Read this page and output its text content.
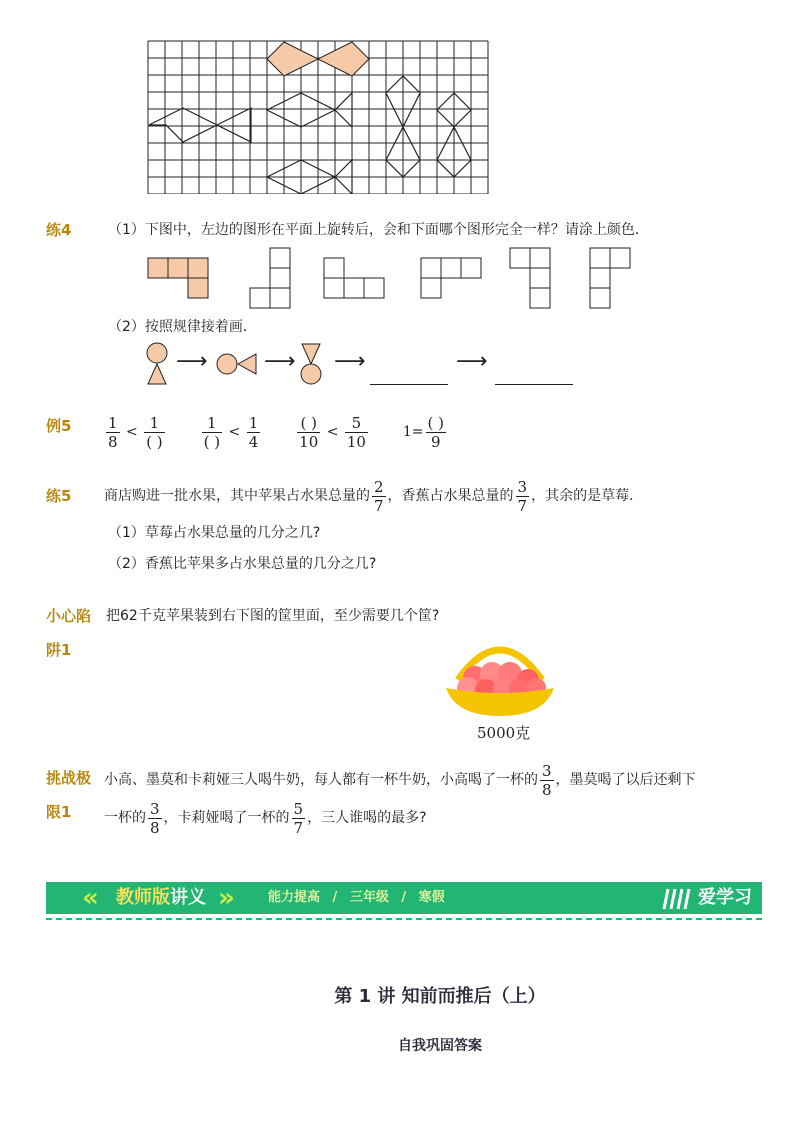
练4	（1）下图中，左边的图形在平面上旋转后，会和下面哪个图形完全一样？请涂上颜色．
（2）按照规律接着画．
⟶	⟶ ⟶	⟶
例$5 \frac{1}{8} < \frac{1}{( )}$
$\frac{1}{( )} < \frac{1}{4}$
$\frac{( )}{10} < \frac{5}{10} 1= \frac{( )}{9}$
练5 商店购进一批水果，其中苹果占水果总量的 $\frac{2}{7}$ ，香蕉占水果总量的 $\frac{3}{7}$ ，其余的是草莓．
（1）草莓占水果总量的几分之几?
（2）香蕉比苹果多占水果总量的几分之几?
小心陷
阱1
把62千克苹果装到右下图的筐里面，至少需要几个筐?
5000克
挑战极
限1
小高、墨莫和卡莉娅三人喝牛奶，每人都有一杯牛奶，小高喝了一杯的 $\frac{3}{8}$ ，墨莫喝了以后还剩下
一杯的 $\frac{3}{8}$ ，卡莉娅喝了一杯的 $\frac{5}{7}$ ，三人谁喝的最多?
« 教师版讲义 »	能力提高 / 三年级 / 寒假	爱学习
第 1 讲 知前而推后（上）
自我巩固答案
